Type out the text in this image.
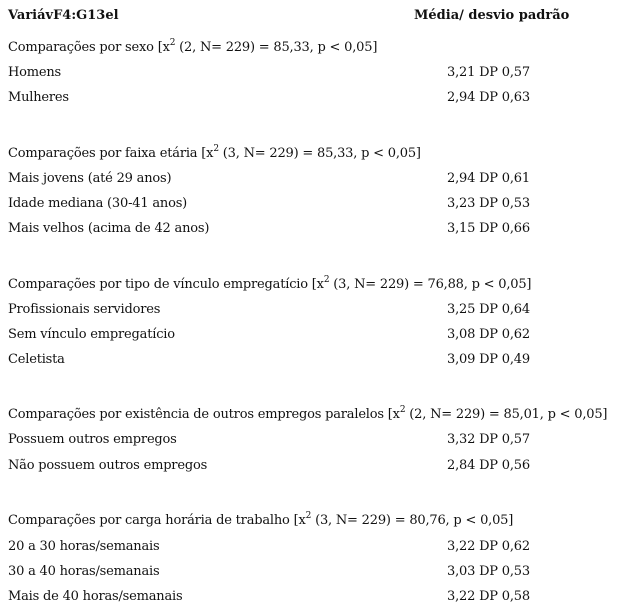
VariávF4:G13el	Média/ desvio padrão
Comparações por sexo [$x^2$ (2, N= 229) = 85,33, p < 0,05]
Homens	3,21 DP 0,57
Mulheres	2,94 DP 0,63
Comparações por faixa etária [$x^2$ (3, N= 229) = 85,33, p < 0,05]
Mais jovens (até 29 anos)	2,94 DP 0,61
Idade mediana (30-41 anos)	3,23 DP 0,53
Mais velhos (acima de 42 anos)	3,15 DP 0,66
Comparações por tipo de vínculo empregatício [$x^2$ (3, N= 229) = 76,88, p < 0,05]
Profissionais servidores	3,25 DP 0,64
Sem vínculo empregatício	3,08 DP 0,62
Celetista	3,09 DP 0,49
Comparações por existência de outros empregos paralelos [$x^2$ (2, N= 229) = 85,01, p < 0,05]
Possuem outros empregos	3,32 DP 0,57
Não possuem outros empregos	2,84 DP 0,56
Comparações por carga horária de trabalho [$x^2$ (3, N= 229) = 80,76, p < 0,05]
20 a 30 horas/semanais	3,22 DP 0,62
30 a 40 horas/semanais	3,03 DP 0,53
Mais de 40 horas/semanais	3,22 DP 0,58
